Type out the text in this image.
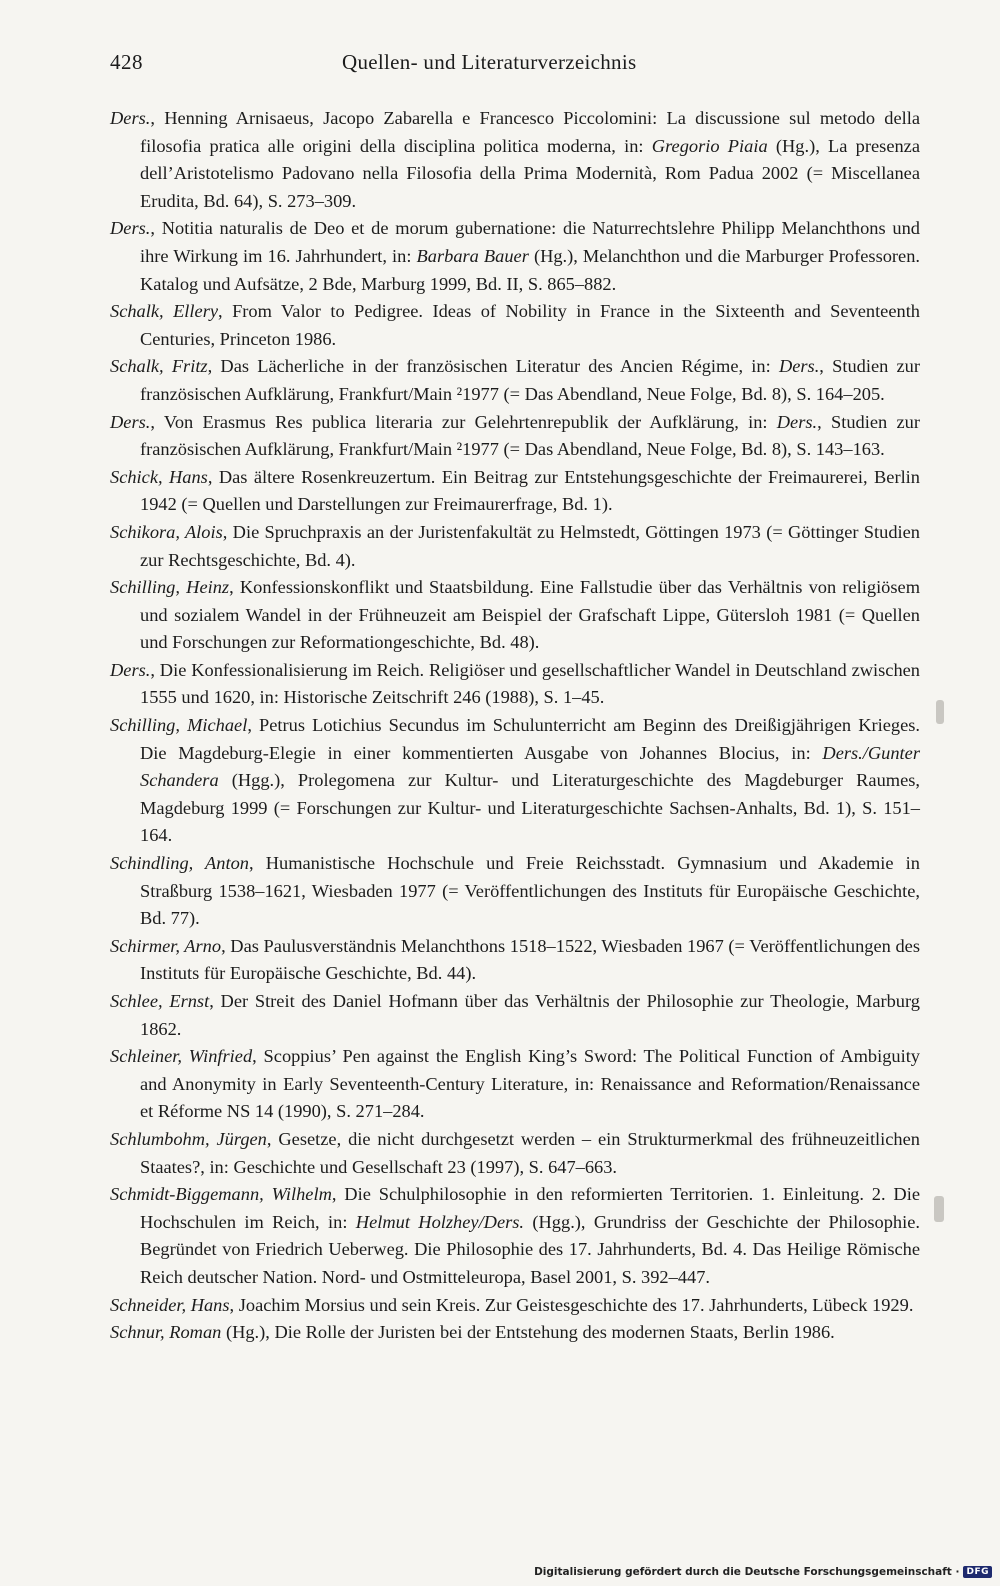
428	Quellen- und Literaturverzeichnis

Ders., Henning Arnisaeus, Jacopo Zabarella e Francesco Piccolomini: La discussione sul metodo della filosofia pratica alle origini della disciplina politica moderna, in: Gregorio Piaia (Hg.), La presenza dell’Aristotelismo Padovano nella Filosofia della Prima Modernità, Rom Padua 2002 (= Miscellanea Erudita, Bd. 64), S. 273–309.

Ders., Notitia naturalis de Deo et de morum gubernatione: die Naturrechtslehre Philipp Melanchthons und ihre Wirkung im 16. Jahrhundert, in: Barbara Bauer (Hg.), Melanchthon und die Marburger Professoren. Katalog und Aufsätze, 2 Bde, Marburg 1999, Bd. II, S. 865–882.

Schalk, Ellery, From Valor to Pedigree. Ideas of Nobility in France in the Sixteenth and Seventeenth Centuries, Princeton 1986.

Schalk, Fritz, Das Lächerliche in der französischen Literatur des Ancien Régime, in: Ders., Studien zur französischen Aufklärung, Frankfurt/Main ²1977 (= Das Abendland, Neue Folge, Bd. 8), S. 164–205.

Ders., Von Erasmus Res publica literaria zur Gelehrtenrepublik der Aufklärung, in: Ders., Studien zur französischen Aufklärung, Frankfurt/Main ²1977 (= Das Abendland, Neue Folge, Bd. 8), S. 143–163.

Schick, Hans, Das ältere Rosenkreuzertum. Ein Beitrag zur Entstehungsgeschichte der Freimaurerei, Berlin 1942 (= Quellen und Darstellungen zur Freimaurerfrage, Bd. 1).

Schikora, Alois, Die Spruchpraxis an der Juristenfakultät zu Helmstedt, Göttingen 1973 (= Göttinger Studien zur Rechtsgeschichte, Bd. 4).

Schilling, Heinz, Konfessionskonflikt und Staatsbildung. Eine Fallstudie über das Verhältnis von religiösem und sozialem Wandel in der Frühneuzeit am Beispiel der Grafschaft Lippe, Gütersloh 1981 (= Quellen und Forschungen zur Reformationgeschichte, Bd. 48).

Ders., Die Konfessionalisierung im Reich. Religiöser und gesellschaftlicher Wandel in Deutschland zwischen 1555 und 1620, in: Historische Zeitschrift 246 (1988), S. 1–45.

Schilling, Michael, Petrus Lotichius Secundus im Schulunterricht am Beginn des Dreißigjährigen Krieges. Die Magdeburg-Elegie in einer kommentierten Ausgabe von Johannes Blocius, in: Ders./Gunter Schandera (Hgg.), Prolegomena zur Kultur- und Literaturgeschichte des Magdeburger Raumes, Magdeburg 1999 (= Forschungen zur Kultur- und Literaturgeschichte Sachsen-Anhalts, Bd. 1), S. 151–164.

Schindling, Anton, Humanistische Hochschule und Freie Reichsstadt. Gymnasium und Akademie in Straßburg 1538–1621, Wiesbaden 1977 (= Veröffentlichungen des Instituts für Europäische Geschichte, Bd. 77).

Schirmer, Arno, Das Paulusverständnis Melanchthons 1518–1522, Wiesbaden 1967 (= Veröffentlichungen des Instituts für Europäische Geschichte, Bd. 44).

Schlee, Ernst, Der Streit des Daniel Hofmann über das Verhältnis der Philosophie zur Theologie, Marburg 1862.

Schleiner, Winfried, Scoppius’ Pen against the English King’s Sword: The Political Function of Ambiguity and Anonymity in Early Seventeenth-Century Literature, in: Renaissance and Reformation/Renaissance et Réforme NS 14 (1990), S. 271–284.

Schlumbohm, Jürgen, Gesetze, die nicht durchgesetzt werden – ein Strukturmerkmal des frühneuzeitlichen Staates?, in: Geschichte und Gesellschaft 23 (1997), S. 647–663.

Schmidt-Biggemann, Wilhelm, Die Schulphilosophie in den reformierten Territorien. 1. Einleitung. 2. Die Hochschulen im Reich, in: Helmut Holzhey/Ders. (Hgg.), Grundriss der Geschichte der Philosophie. Begründet von Friedrich Ueberweg. Die Philosophie des 17. Jahrhunderts, Bd. 4. Das Heilige Römische Reich deutscher Nation. Nord- und Ostmitteleuropa, Basel 2001, S. 392–447.

Schneider, Hans, Joachim Morsius und sein Kreis. Zur Geistesgeschichte des 17. Jahrhunderts, Lübeck 1929.

Schnur, Roman (Hg.), Die Rolle der Juristen bei der Entstehung des modernen Staats, Berlin 1986.

Digitalisierung gefördert durch die Deutsche Forschungsgemeinschaft · DFG
